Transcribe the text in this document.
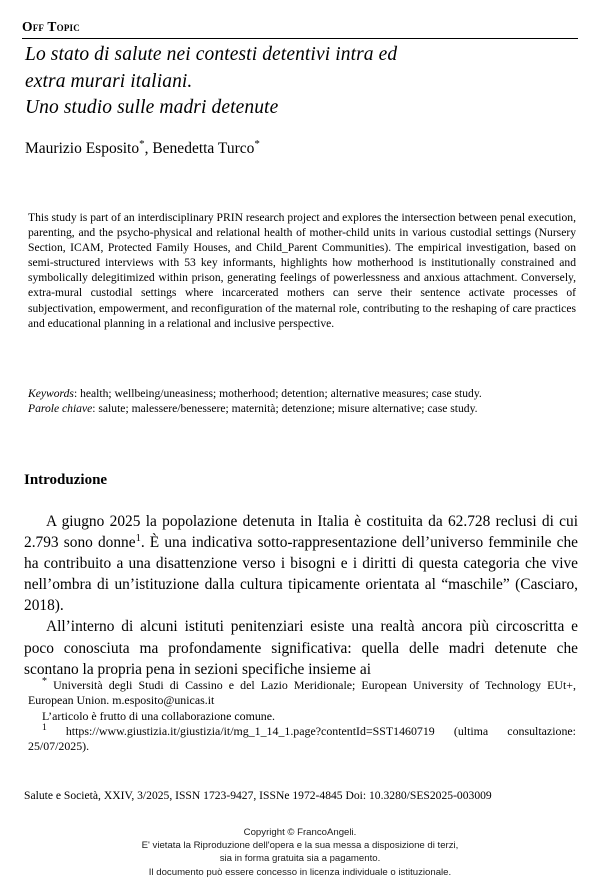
Off Topic
Lo stato di salute nei contesti detentivi intra ed
extra murari italiani.
Uno studio sulle madri detenute
Maurizio Esposito*, Benedetta Turco*
This study is part of an interdisciplinary PRIN research project and explores the intersection between penal execution, parenting, and the psycho-physical and relational health of mother-child units in various custodial settings (Nursery Section, ICAM, Protected Family Houses, and Child_Parent Communities). The empirical investigation, based on semi-structured interviews with 53 key informants, highlights how motherhood is institutionally constrained and symbolically delegitimized within prison, generating feelings of powerlessness and anxious attachment. Conversely, extra-mural custodial settings where incarcerated mothers can serve their sentence activate processes of subjectivation, empowerment, and reconfiguration of the maternal role, contributing to the reshaping of care practices and educational planning in a relational and inclusive perspective.
Keywords: health; wellbeing/uneasiness; motherhood; detention; alternative measures; case study.
Parole chiave: salute; malessere/benessere; maternità; detenzione; misure alternative; case study.
Introduzione

A giugno 2025 la popolazione detenuta in Italia è costituita da 62.728 reclusi di cui 2.793 sono donne$^1$. È una indicativa sotto-rappresentazione dell’universo femminile che ha contribuito a una disattenzione verso i bisogni e i diritti di questa categoria che vive nell’ombra di un’istituzione dalla cultura tipicamente orientata al “maschile” (Casciaro, 2018).

All’interno di alcuni istituti penitenziari esiste una realtà ancora più circoscritta e poco conosciuta ma profondamente significativa: quella delle madri detenute che scontano la propria pena in sezioni specifiche insieme ai

* Università degli Studi di Cassino e del Lazio Meridionale; European University of Technology EUt+, European Union. m.esposito@unicas.it

L’articolo è frutto di una collaborazione comune.

$^1$ https://www.giustizia.it/giustizia/it/mg_1_14_1.page?contentId=SST1460719 (ultima consultazione: 25/07/2025).

Salute e Società, XXIV, 3/2025, ISSN 1723-9427, ISSNe 1972-4845 Doi: 10.3280/SES2025-003009
Copyright © FrancoAngeli.
E' vietata la Riproduzione dell'opera e la sua messa a disposizione di terzi,
sia in forma gratuita sia a pagamento.
Il documento può essere concesso in licenza individuale o istituzionale.
